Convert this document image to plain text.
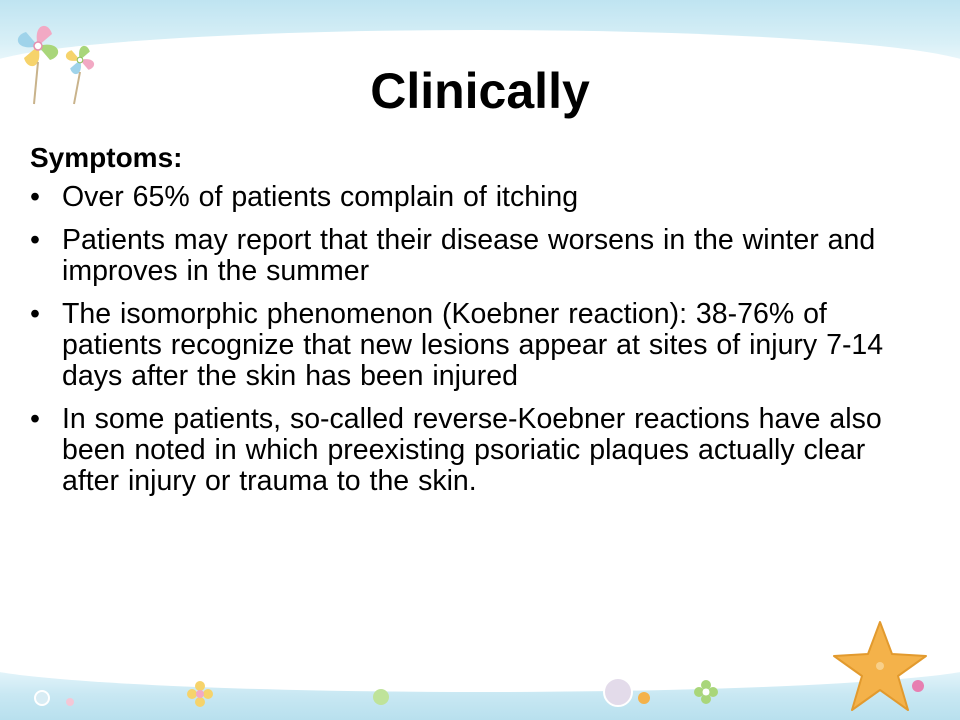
Clinically
Symptoms:
• Over 65% of patients complain of itching
• Patients may report that their disease worsens in the winter and improves in the summer
• The isomorphic phenomenon (Koebner reaction): 38-76% of patients recognize that new lesions appear at sites of injury 7-14 days after the skin has been injured
• In some patients, so-called reverse-Koebner reactions have also been noted in which preexisting psoriatic plaques actually clear after injury or trauma to the skin.
